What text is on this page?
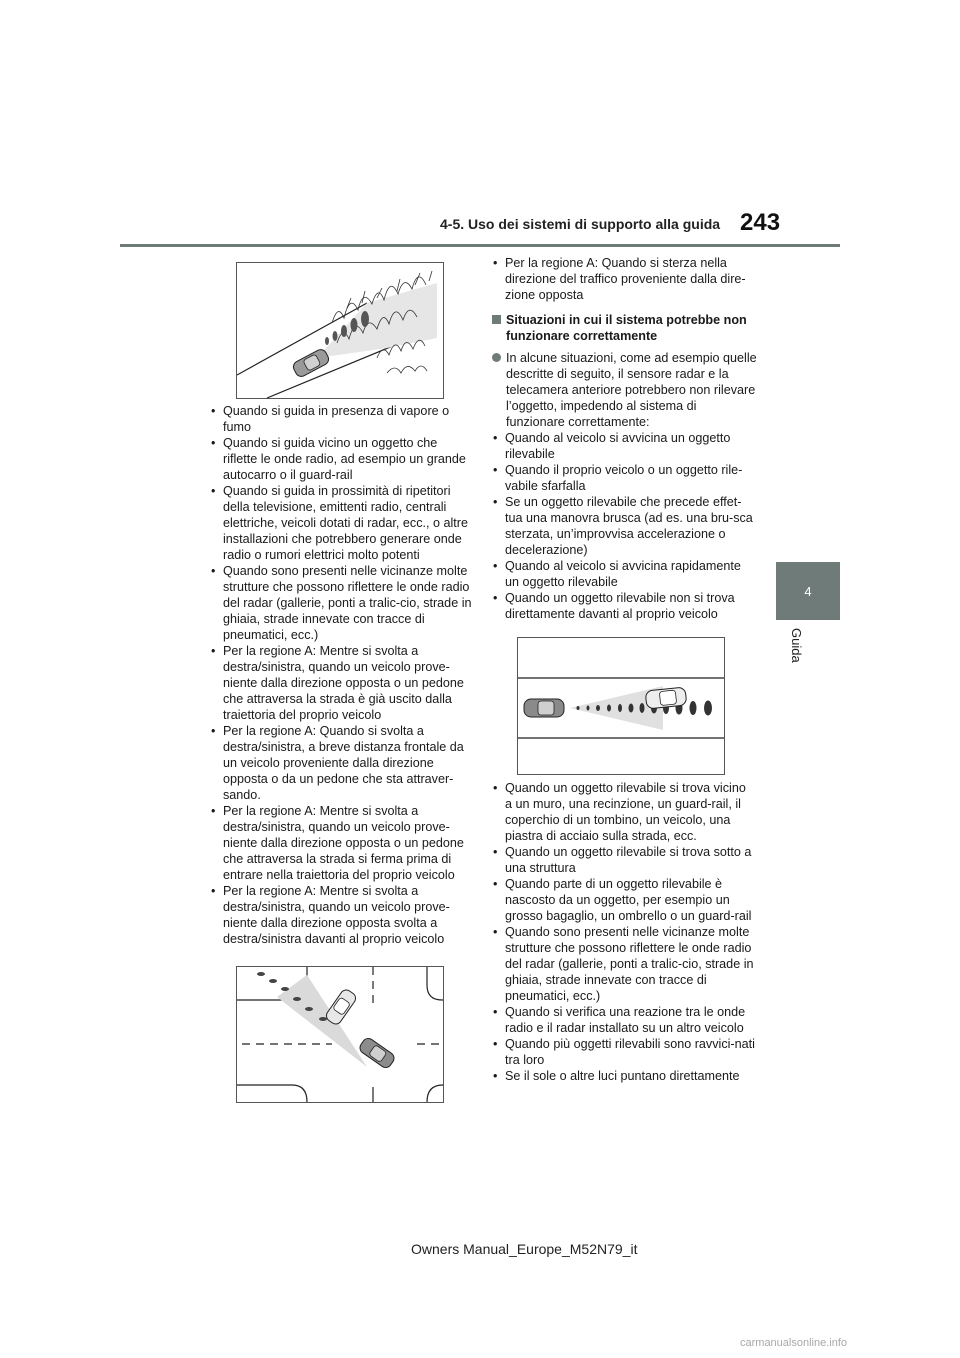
4-5. Uso dei sistemi di supporto alla guida 243
4
Guida
• Quando si guida in presenza di vapore o fumo
• Quando si guida vicino un oggetto che riflette le onde radio, ad esempio un grande autocarro o il guard-rail
• Quando si guida in prossimità di ripetitori della televisione, emittenti radio, centrali elettriche, veicoli dotati di radar, ecc., o altre installazioni che potrebbero generare onde radio o rumori elettrici molto potenti
• Quando sono presenti nelle vicinanze molte strutture che possono riflettere le onde radio del radar (gallerie, ponti a tralic-cio, strade in ghiaia, strade innevate con tracce di pneumatici, ecc.)
• Per la regione A: Mentre si svolta a destra/sinistra, quando un veicolo prove-niente dalla direzione opposta o un pedone che attraversa la strada è già uscito dalla traiettoria del proprio veicolo
• Per la regione A: Quando si svolta a destra/sinistra, a breve distanza frontale da un veicolo proveniente dalla direzione opposta o da un pedone che sta attraver-sando.
• Per la regione A: Mentre si svolta a destra/sinistra, quando un veicolo prove-niente dalla direzione opposta o un pedone che attraversa la strada si ferma prima di entrare nella traiettoria del proprio veicolo
• Per la regione A: Mentre si svolta a destra/sinistra, quando un veicolo prove-niente dalla direzione opposta svolta a destra/sinistra davanti al proprio veicolo
• Per la regione A: Quando si sterza nella direzione del traffico proveniente dalla dire-zione opposta
Situazioni in cui il sistema potrebbe non funzionare correttamente
In alcune situazioni, come ad esempio quelle descritte di seguito, il sensore radar e la telecamera anteriore potrebbero non rilevare l’oggetto, impedendo al sistema di funzionare correttamente:
• Quando al veicolo si avvicina un oggetto rilevabile
• Quando il proprio veicolo o un oggetto rile-vabile sfarfalla
• Se un oggetto rilevabile che precede effet-tua una manovra brusca (ad es. una bru-sca sterzata, un’improvvisa accelerazione o decelerazione)
• Quando al veicolo si avvicina rapidamente un oggetto rilevabile
• Quando un oggetto rilevabile non si trova direttamente davanti al proprio veicolo
• Quando un oggetto rilevabile si trova vicino a un muro, una recinzione, un guard-rail, il coperchio di un tombino, un veicolo, una piastra di acciaio sulla strada, ecc.
• Quando un oggetto rilevabile si trova sotto a una struttura
• Quando parte di un oggetto rilevabile è nascosto da un oggetto, per esempio un grosso bagaglio, un ombrello o un guard-rail
• Quando sono presenti nelle vicinanze molte strutture che possono riflettere le onde radio del radar (gallerie, ponti a tralic-cio, strade in ghiaia, strade innevate con tracce di pneumatici, ecc.)
• Quando si verifica una reazione tra le onde radio e il radar installato su un altro veicolo
• Quando più oggetti rilevabili sono ravvici-nati tra loro
• Se il sole o altre luci puntano direttamente
Owners Manual_Europe_M52N79_it
carmanualsonline.info
